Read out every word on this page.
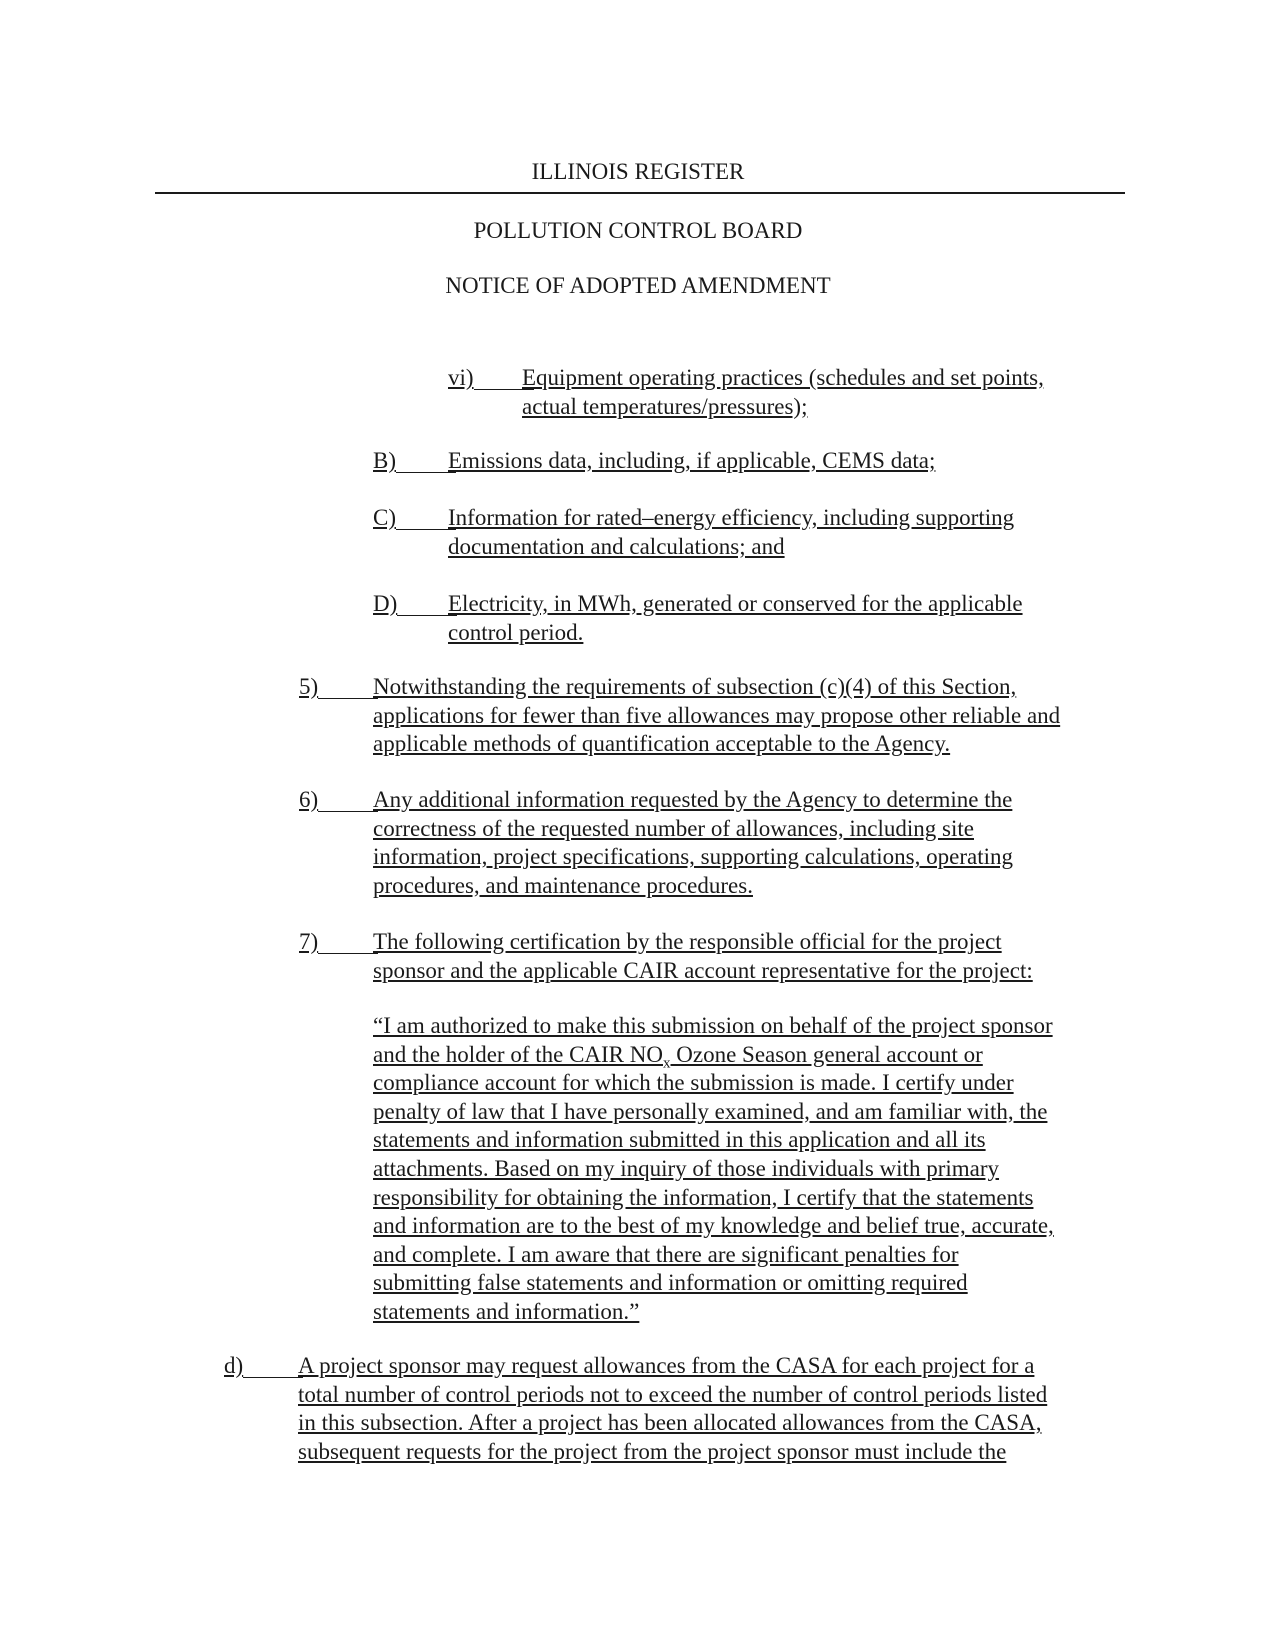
ILLINOIS REGISTER
POLLUTION CONTROL BOARD
NOTICE OF ADOPTED AMENDMENT
vi) Equipment operating practices (schedules and set points,
actual temperatures/pressures);
B) Emissions data, including, if applicable, CEMS data;
C) Information for rated–energy efficiency, including supporting
documentation and calculations; and
D) Electricity, in MWh, generated or conserved for the applicable
control period.
5) Notwithstanding the requirements of subsection (c)(4) of this Section,
applications for fewer than five allowances may propose other reliable and
applicable methods of quantification acceptable to the Agency.
6) Any additional information requested by the Agency to determine the
correctness of the requested number of allowances, including site
information, project specifications, supporting calculations, operating
procedures, and maintenance procedures.
7) The following certification by the responsible official for the project
sponsor and the applicable CAIR account representative for the project:
“I am authorized to make this submission on behalf of the project sponsor
and the holder of the CAIR $NO_x$ Ozone Season general account or
compliance account for which the submission is made. I certify under
penalty of law that I have personally examined, and am familiar with, the
statements and information submitted in this application and all its
attachments. Based on my inquiry of those individuals with primary
responsibility for obtaining the information, I certify that the statements
and information are to the best of my knowledge and belief true, accurate,
and complete. I am aware that there are significant penalties for
submitting false statements and information or omitting required
statements and information.”
d) A project sponsor may request allowances from the CASA for each project for a
total number of control periods not to exceed the number of control periods listed
in this subsection. After a project has been allocated allowances from the CASA,
subsequent requests for the project from the project sponsor must include the
